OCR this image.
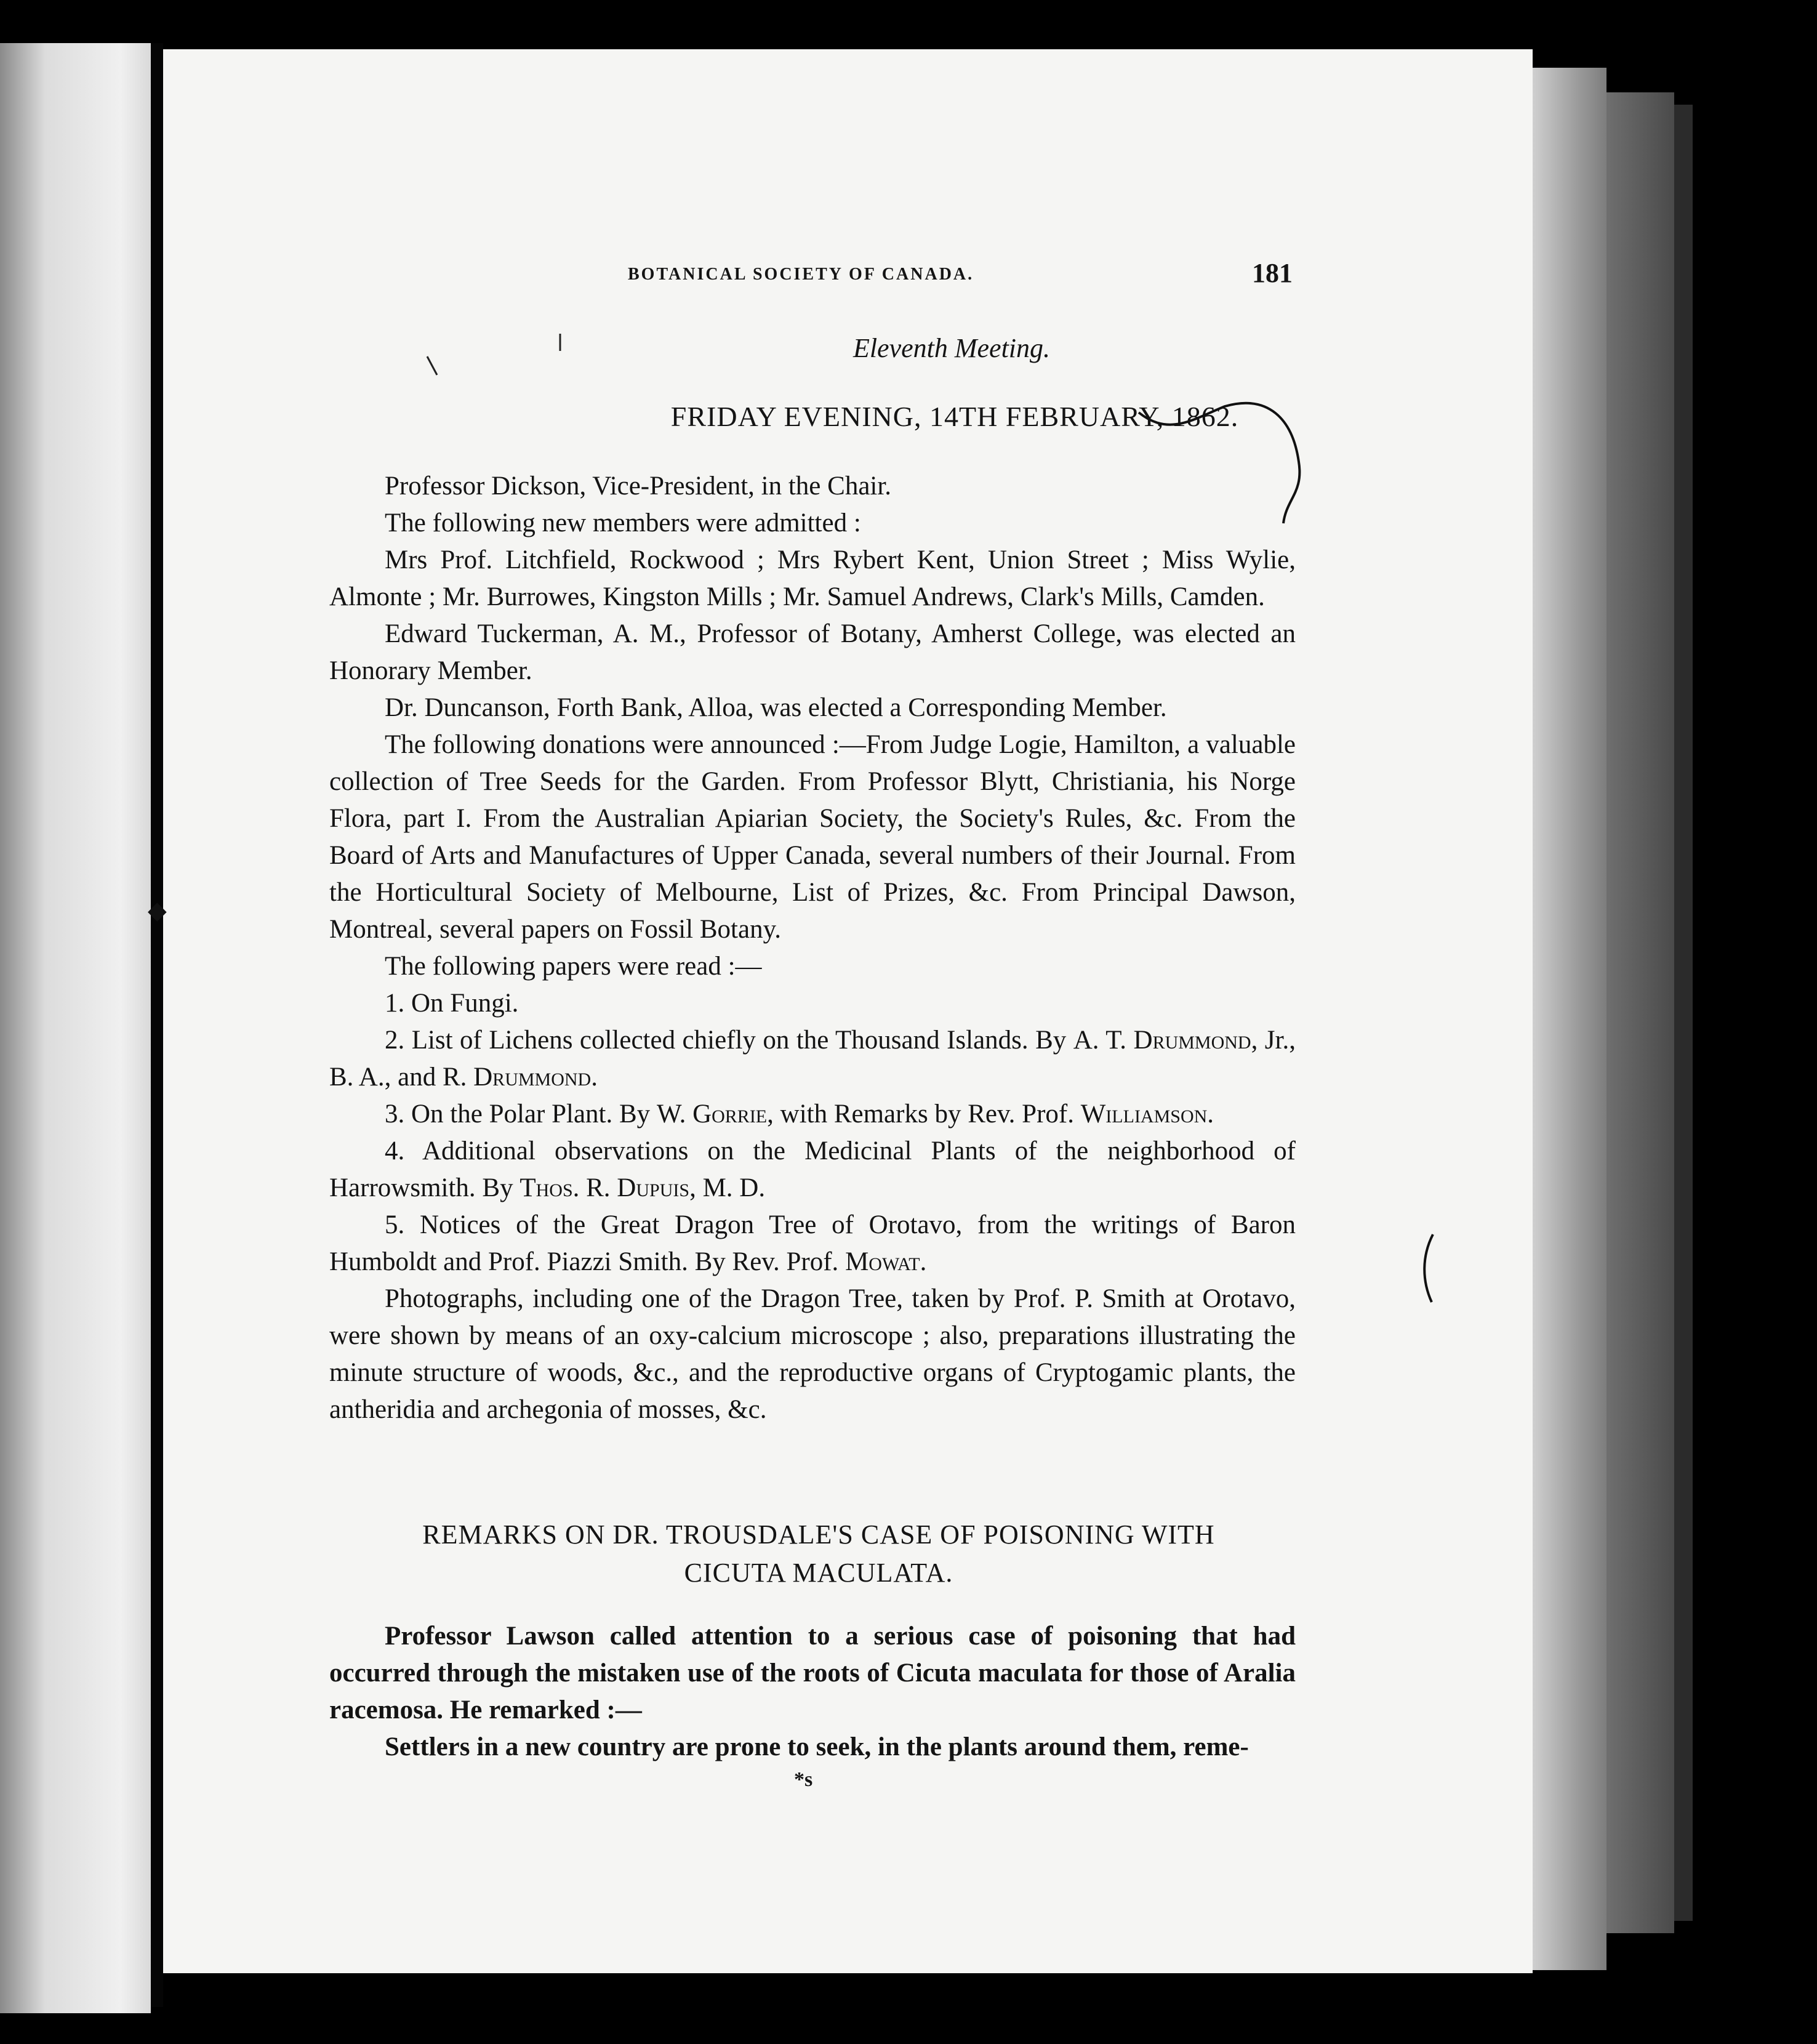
BOTANICAL SOCIETY OF CANADA.	181
Eleventh Meeting.
FRIDAY EVENING, 14TH FEBRUARY, 1862.

Professor Dickson, Vice-President, in the Chair.

The following new members were admitted :

Mrs Prof. Litchfield, Rockwood ; Mrs Rybert Kent, Union Street ; Miss Wylie, Almonte ; Mr. Burrowes, Kingston Mills ; Mr. Samuel Andrews, Clark's Mills, Camden.

Edward Tuckerman, A. M., Professor of Botany, Amherst College, was elected an Honorary Member.

Dr. Duncanson, Forth Bank, Alloa, was elected a Corresponding Member.

The following donations were announced :—From Judge Logie, Hamilton, a valuable collection of Tree Seeds for the Garden. From Professor Blytt, Christiania, his Norge Flora, part I. From the Australian Apiarian Society, the Society's Rules, &c. From the Board of Arts and Manufactures of Upper Canada, several numbers of their Journal. From the Horticultural Society of Melbourne, List of Prizes, &c. From Principal Dawson, Montreal, several papers on Fossil Botany.

The following papers were read :—

1. On Fungi.

2. List of Lichens collected chiefly on the Thousand Islands. By A. T. Drummond, Jr., B. A., and R. Drummond.

3. On the Polar Plant. By W. Gorrie, with Remarks by Rev. Prof. Williamson.

4. Additional observations on the Medicinal Plants of the neighborhood of Harrowsmith. By Thos. R. Dupuis, M. D.

5. Notices of the Great Dragon Tree of Orotavo, from the writings of Baron Humboldt and Prof. Piazzi Smith. By Rev. Prof. Mowat.

Photographs, including one of the Dragon Tree, taken by Prof. P. Smith at Orotavo, were shown by means of an oxy-calcium microscope ; also, preparations illustrating the minute structure of woods, &c., and the reproductive organs of Cryptogamic plants, the antheridia and archegonia of mosses, &c.

◆
REMARKS ON DR. TROUSDALE'S CASE OF POISONING WITH
CICUTA MACULATA.

Professor Lawson called attention to a serious case of poisoning that had occurred through the mistaken use of the roots of Cicuta maculata for those of Aralia racemosa. He remarked :—

Settlers in a new country are prone to seek, in the plants around them, reme-

*s
